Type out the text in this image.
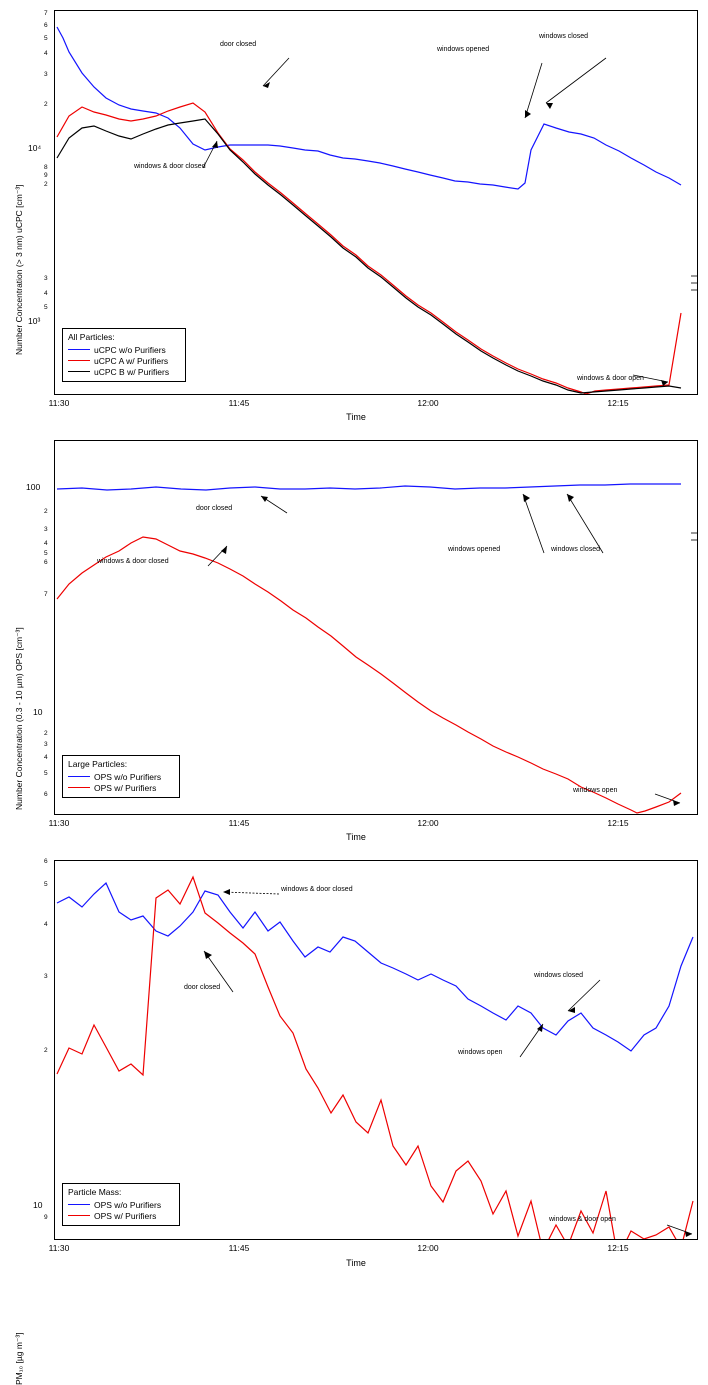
Number Concentration (> 3 nm) uCPC [cm⁻³]
10⁴
10³
2
3
4
5
6
7
8
9
2
3
4
5
door closed
windows opened
windows closed
windows & door closed
windows & door open
All Particles:
uCPC w/o Purifiers
uCPC A w/ Purifiers
uCPC B w/ Purifiers
11:30	11:45	12:00	12:15
Time
Number Concentration (0.3 - 10 µm) OPS [cm⁻³]
100
10
2
3
4
5
6
7
2
3
4
5
6
door closed
windows opened	windows closed
windows & door closed
windows open
Large Particles:
OPS w/o Purifiers
OPS w/ Purifiers
11:30	11:45	12:00	12:15
Time
PM₁₀ [µg m⁻³]
10
9
2
3
4
5
6
windows & door closed
door closed
windows closed
windows open
windows & door open
Particle Mass:
OPS w/o Purifiers
OPS w/ Purifiers
11:30	11:45	12:00	12:15
Time
